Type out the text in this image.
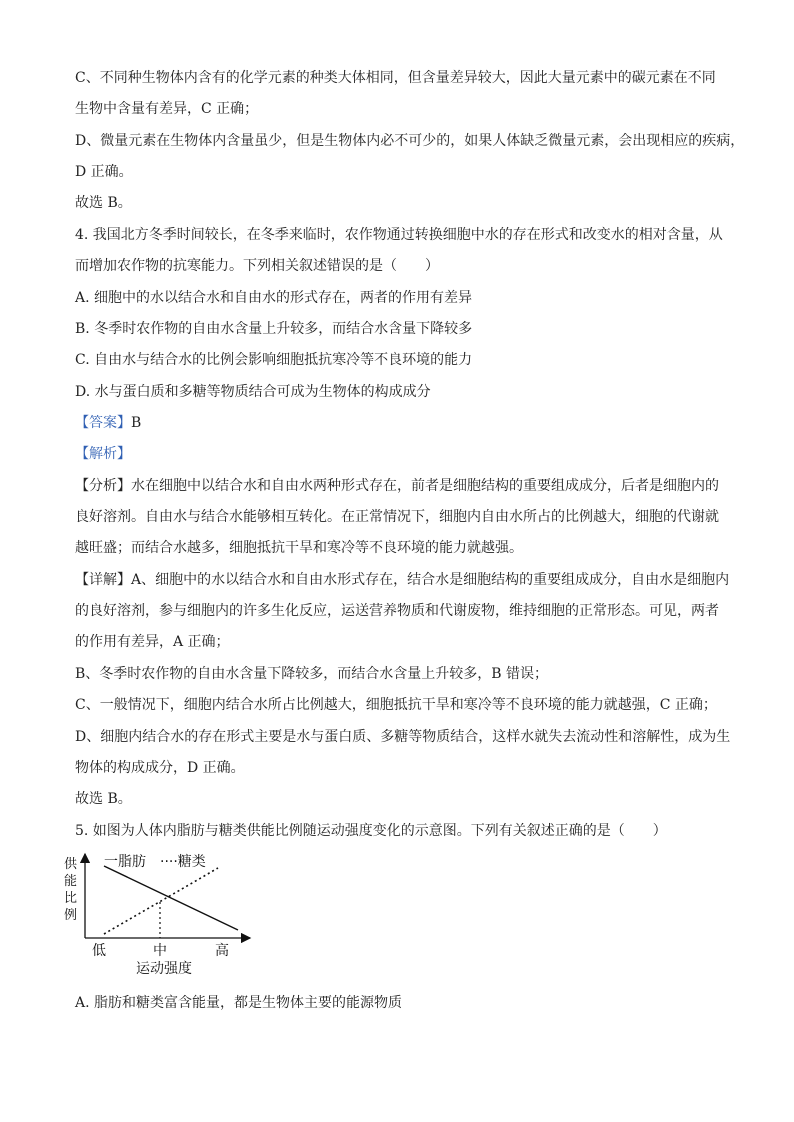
C、不同种生物体内含有的化学元素的种类大体相同，但含量差异较大，因此大量元素中的碳元素在不同
生物中含量有差异，C 正确；
D、微量元素在生物体内含量虽少，但是生物体内必不可少的，如果人体缺乏微量元素，会出现相应的疾病，
D 正确。
故选 B。
4. 我国北方冬季时间较长，在冬季来临时，农作物通过转换细胞中水的存在形式和改变水的相对含量，从
而增加农作物的抗寒能力。下列相关叙述错误的是（　　）
A. 细胞中的水以结合水和自由水的形式存在，两者的作用有差异
B. 冬季时农作物的自由水含量上升较多，而结合水含量下降较多
C. 自由水与结合水的比例会影响细胞抵抗寒冷等不良环境的能力
D. 水与蛋白质和多糖等物质结合可成为生物体的构成成分
【答案】B
【解析】
【分析】水在细胞中以结合水和自由水两种形式存在，前者是细胞结构的重要组成成分，后者是细胞内的
良好溶剂。自由水与结合水能够相互转化。在正常情况下，细胞内自由水所占的比例越大，细胞的代谢就
越旺盛；而结合水越多，细胞抵抗干旱和寒冷等不良环境的能力就越强。
【详解】A、细胞中的水以结合水和自由水形式存在，结合水是细胞结构的重要组成成分，自由水是细胞内
的良好溶剂，参与细胞内的许多生化反应，运送营养物质和代谢废物，维持细胞的正常形态。可见，两者
的作用有差异，A 正确；
B、冬季时农作物的自由水含量下降较多，而结合水含量上升较多，B 错误；
C、一般情况下，细胞内结合水所占比例越大，细胞抵抗干旱和寒冷等不良环境的能力就越强，C 正确；
D、细胞内结合水的存在形式主要是水与蛋白质、多糖等物质结合，这样水就失去流动性和溶解性，成为生
物体的构成成分，D 正确。
故选 B。
5. 如图为人体内脂肪与糖类供能比例随运动强度变化的示意图。下列有关叙述正确的是（　　）
供
能
比
例
一脂肪 ····糖类
低	中	高
运动强度
A. 脂肪和糖类富含能量，都是生物体主要的能源物质
